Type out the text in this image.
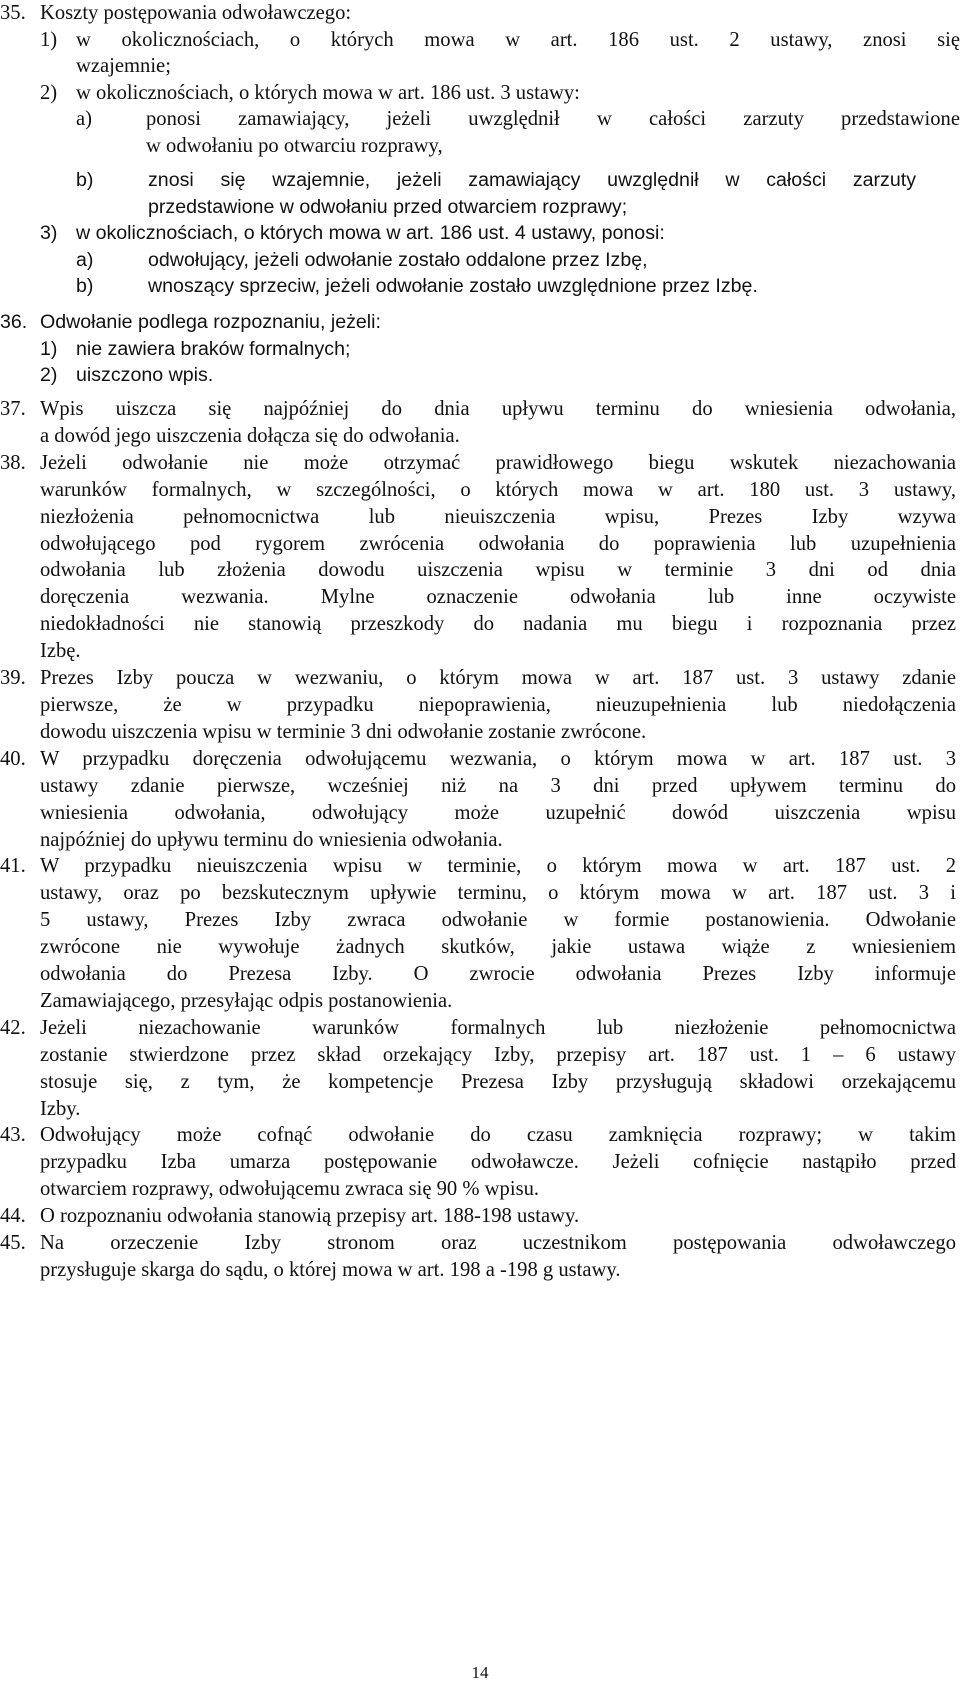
35. Koszty postępowania odwoławczego:
1) w okolicznościach, o których mowa w art. 186 ust. 2 ustawy, znosi się
wzajemnie;
2) w okolicznościach, o których mowa w art. 186 ust. 3 ustawy:
a)	ponosi zamawiający, jeżeli uwzględnił w całości zarzuty przedstawione
w odwołaniu po otwarciu rozprawy,
b)	znosi się wzajemnie, jeżeli zamawiający uwzględnił w całości zarzuty
przedstawione w odwołaniu przed otwarciem rozprawy;
3) w okolicznościach, o których mowa w art. 186 ust. 4 ustawy, ponosi:
a)	odwołujący, jeżeli odwołanie zostało oddalone przez Izbę,
b)	wnoszący sprzeciw, jeżeli odwołanie zostało uwzględnione przez Izbę.
36. Odwołanie podlega rozpoznaniu, jeżeli:
1) nie zawiera braków formalnych;
2) uiszczono wpis.
37. Wpis uiszcza się najpóźniej do dnia upływu terminu do wniesienia odwołania,
a dowód jego uiszczenia dołącza się do odwołania.
38. Jeżeli odwołanie nie może otrzymać prawidłowego biegu wskutek niezachowania
warunków formalnych, w szczególności, o których mowa w art. 180 ust. 3 ustawy,
niezłożenia pełnomocnictwa lub nieuiszczenia wpisu, Prezes Izby wzywa
odwołującego pod rygorem zwrócenia odwołania do poprawienia lub uzupełnienia
odwołania lub złożenia dowodu uiszczenia wpisu w terminie 3 dni od dnia
doręczenia wezwania. Mylne oznaczenie odwołania lub inne oczywiste
niedokładności nie stanowią przeszkody do nadania mu biegu i rozpoznania przez
Izbę.
39. Prezes Izby poucza w wezwaniu, o którym mowa w art. 187 ust. 3 ustawy zdanie
pierwsze, że w przypadku niepoprawienia, nieuzupełnienia lub niedołączenia
dowodu uiszczenia wpisu w terminie 3 dni odwołanie zostanie zwrócone.
40. W przypadku doręczenia odwołującemu wezwania, o którym mowa w art. 187 ust. 3
ustawy zdanie pierwsze, wcześniej niż na 3 dni przed upływem terminu do
wniesienia odwołania, odwołujący może uzupełnić dowód uiszczenia wpisu
najpóźniej do upływu terminu do wniesienia odwołania.
41. W przypadku nieuiszczenia wpisu w terminie, o którym mowa w art. 187 ust. 2
ustawy, oraz po bezskutecznym upływie terminu, o którym mowa w art. 187 ust. 3 i
5 ustawy, Prezes Izby zwraca odwołanie w formie postanowienia. Odwołanie
zwrócone nie wywołuje żadnych skutków, jakie ustawa wiąże z wniesieniem
odwołania do Prezesa Izby. O zwrocie odwołania Prezes Izby informuje
Zamawiającego, przesyłając odpis postanowienia.
42. Jeżeli niezachowanie warunków formalnych lub niezłożenie pełnomocnictwa
zostanie stwierdzone przez skład orzekający Izby, przepisy art. 187 ust. 1 – 6 ustawy
stosuje się, z tym, że kompetencje Prezesa Izby przysługują składowi orzekającemu
Izby.
43. Odwołujący może cofnąć odwołanie do czasu zamknięcia rozprawy; w takim
przypadku Izba umarza postępowanie odwoławcze. Jeżeli cofnięcie nastąpiło przed
otwarciem rozprawy, odwołującemu zwraca się 90 % wpisu.
44. O rozpoznaniu odwołania stanowią przepisy art. 188-198 ustawy.
45. Na orzeczenie Izby stronom oraz uczestnikom postępowania odwoławczego
przysługuje skarga do sądu, o której mowa w art. 198 a -198 g ustawy.
14
